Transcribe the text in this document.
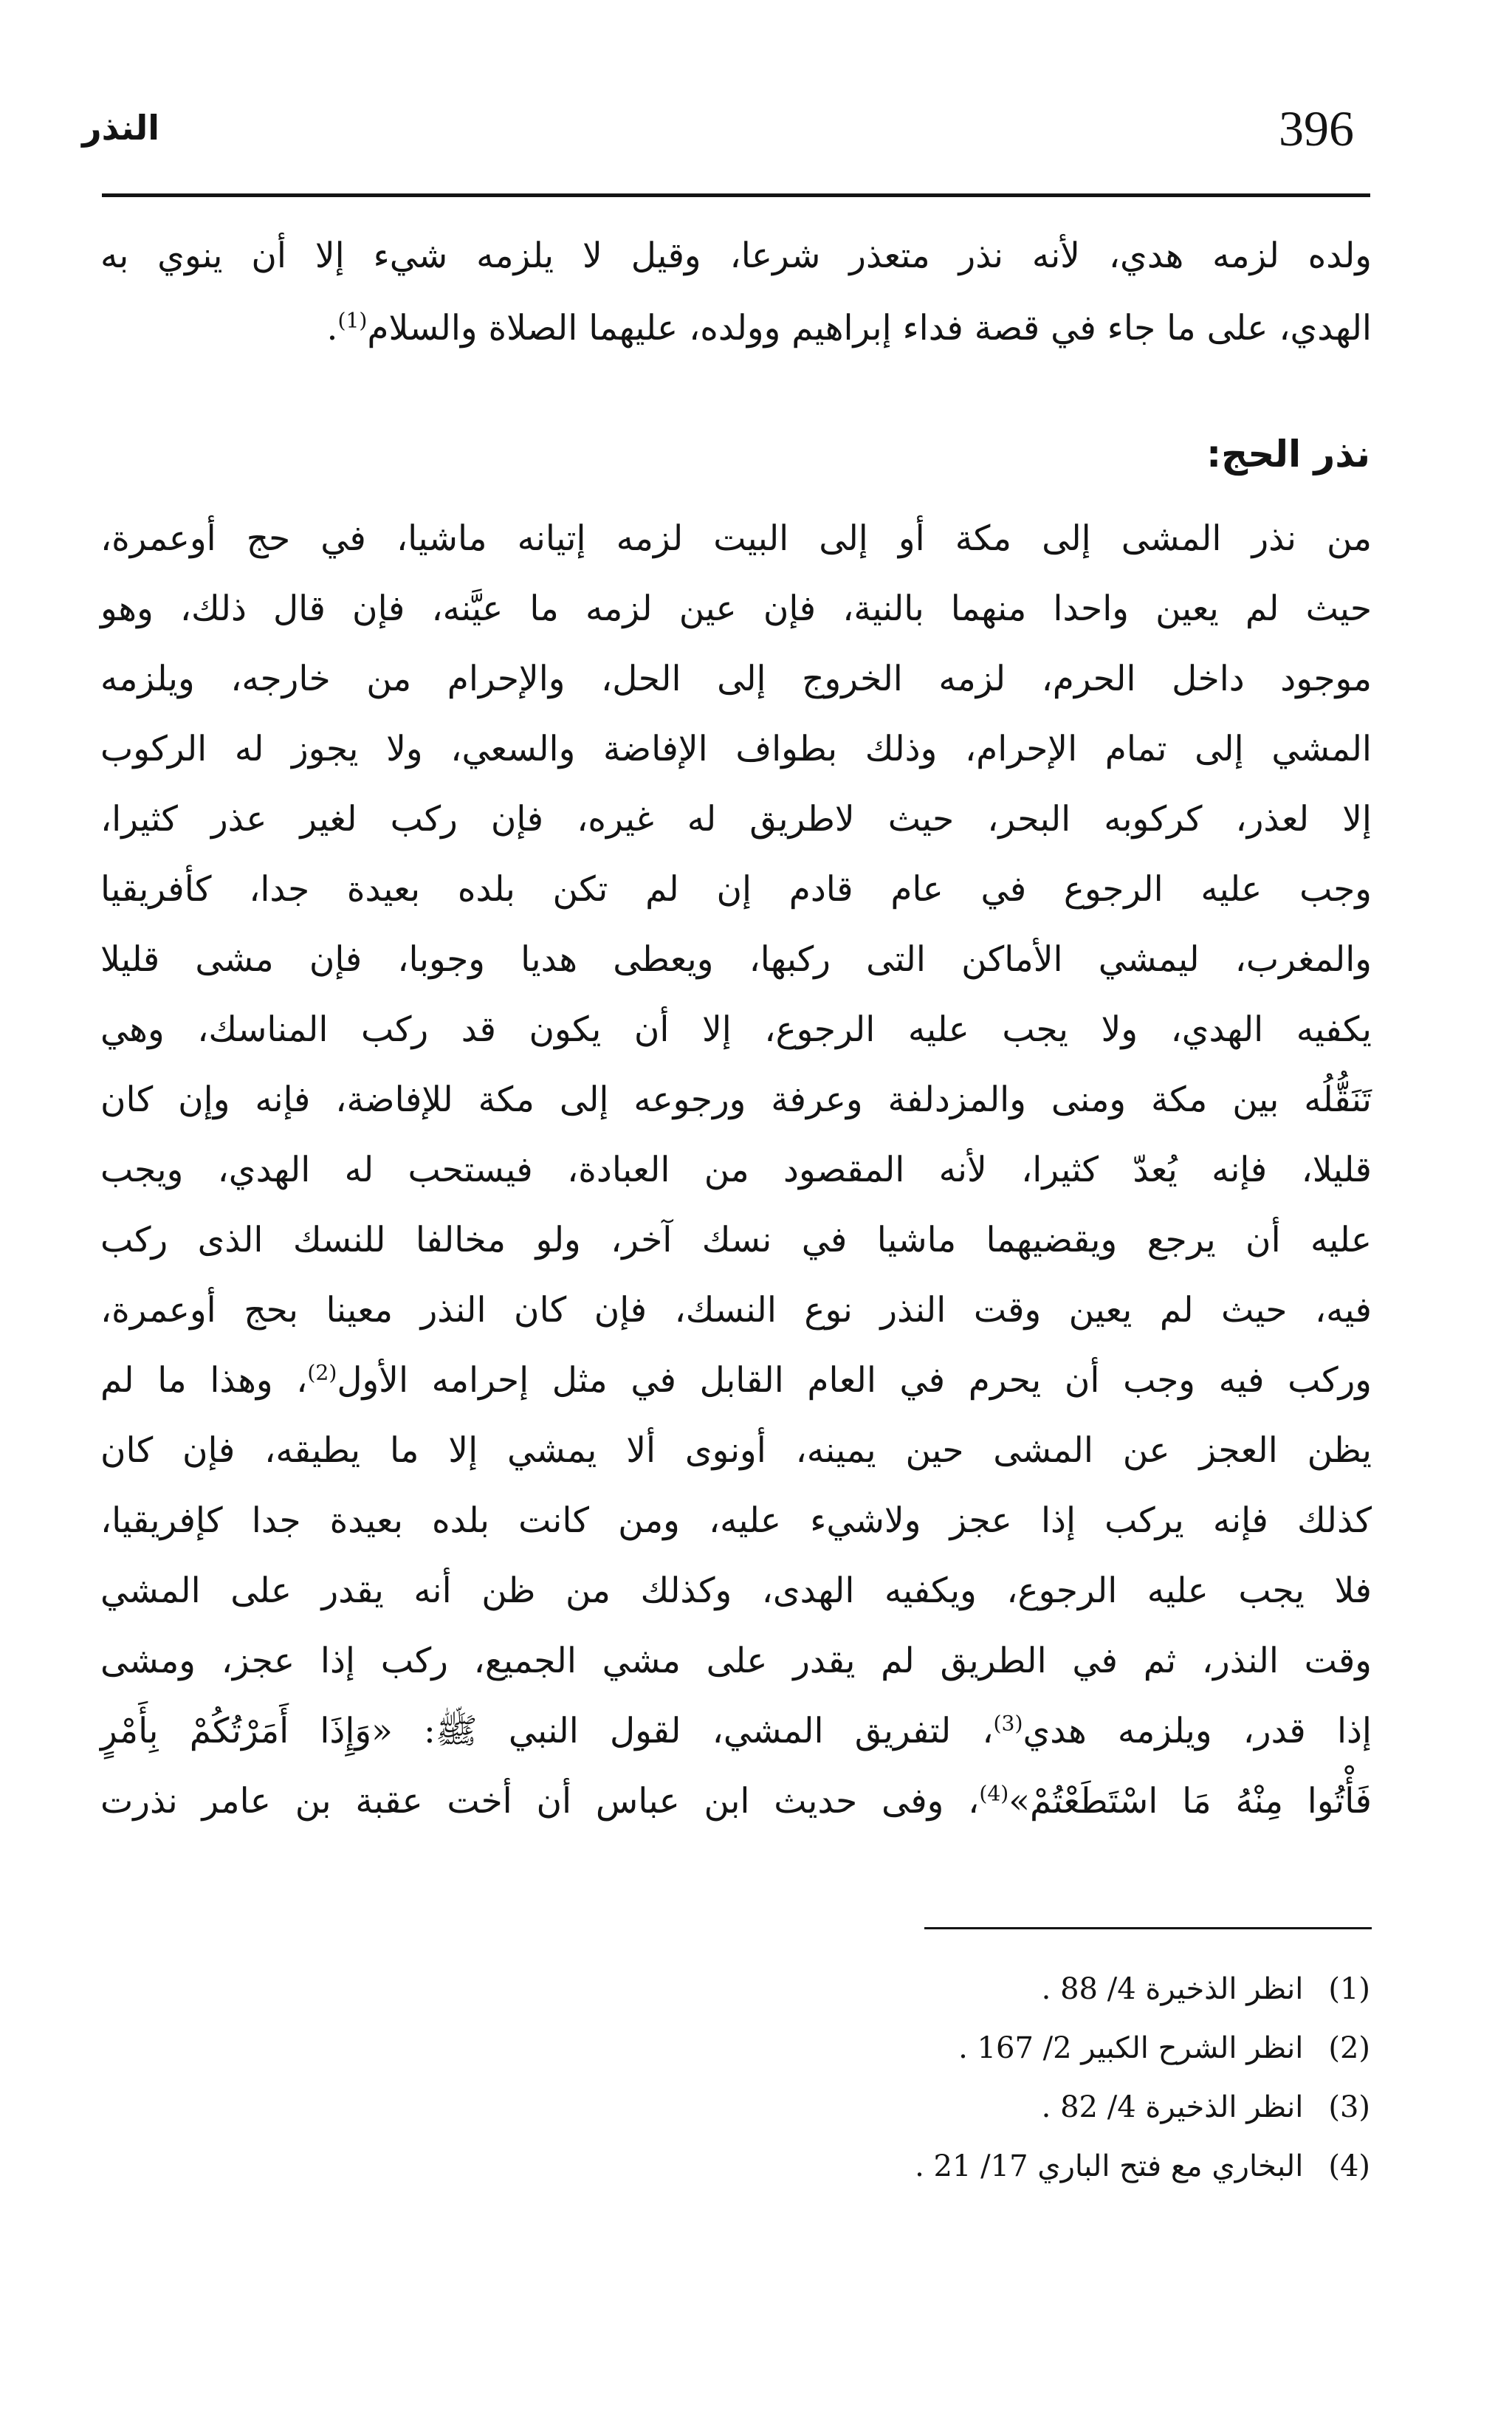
396
النذر
ولده لزمه هدي، لأنه نذر متعذر شرعا، وقيل لا يلزمه شيء إلا أن ينوي به
الهدي، على ما جاء في قصة فداء إبراهيم وولده، عليهما الصلاة والسلام$^{(1)}$.
نذر الحج:
من نذر المشى إلى مكة أو إلى البيت لزمه إتيانه ماشيا، في حج أوعمرة،
حيث لم يعين واحدا منهما بالنية، فإن عين لزمه ما عيَّنه، فإن قال ذلك، وهو
موجود داخل الحرم، لزمه الخروج إلى الحل، والإحرام من خارجه، ويلزمه
المشي إلى تمام الإحرام، وذلك بطواف الإفاضة والسعي، ولا يجوز له الركوب
إلا لعذر، كركوبه البحر، حيث لاطريق له غيره، فإن ركب لغير عذر كثيرا،
وجب عليه الرجوع في عام قادم إن لم تكن بلده بعيدة جدا، كأفريقيا
والمغرب، ليمشي الأماكن التى ركبها، ويعطى هديا وجوبا، فإن مشى قليلا
يكفيه الهدي، ولا يجب عليه الرجوع، إلا أن يكون قد ركب المناسك، وهي
تَنَقُّلُه بين مكة ومنى والمزدلفة وعرفة ورجوعه إلى مكة للإفاضة، فإنه وإن كان
قليلا، فإنه يُعدّ كثيرا، لأنه المقصود من العبادة، فيستحب له الهدي، ويجب
عليه أن يرجع ويقضيهما ماشيا في نسك آخر، ولو مخالفا للنسك الذى ركب
فيه، حيث لم يعين وقت النذر نوع النسك، فإن كان النذر معينا بحج أوعمرة،
وركب فيه وجب أن يحرم في العام القابل في مثل إحرامه الأول$^{(2)}$، وهذا ما لم
يظن العجز عن المشى حين يمينه، أونوى ألا يمشي إلا ما يطيقه، فإن كان
كذلك فإنه يركب إذا عجز ولاشيء عليه، ومن كانت بلده بعيدة جدا كإفريقيا،
فلا يجب عليه الرجوع، ويكفيه الهدى، وكذلك من ظن أنه يقدر على المشي
وقت النذر، ثم في الطريق لم يقدر على مشي الجميع، ركب إذا عجز، ومشى
إذا قدر، ويلزمه هدي$^{(3)}$، لتفريق المشي، لقول النبي ﷺ: «وَإِذَا أَمَرْتُكُمْ بِأَمْرٍ
فَأْتُوا مِنْهُ مَا اسْتَطَعْتُمْ»$^{(4)}$، وفى حديث ابن عباس أن أخت عقبة بن عامر نذرت
(1)انظر الذخيرة 4/ 88 .
(2)انظر الشرح الكبير 2/ 167 .
(3)انظر الذخيرة 4/ 82 .
(4)البخاري مع فتح الباري 17/ 21 .
